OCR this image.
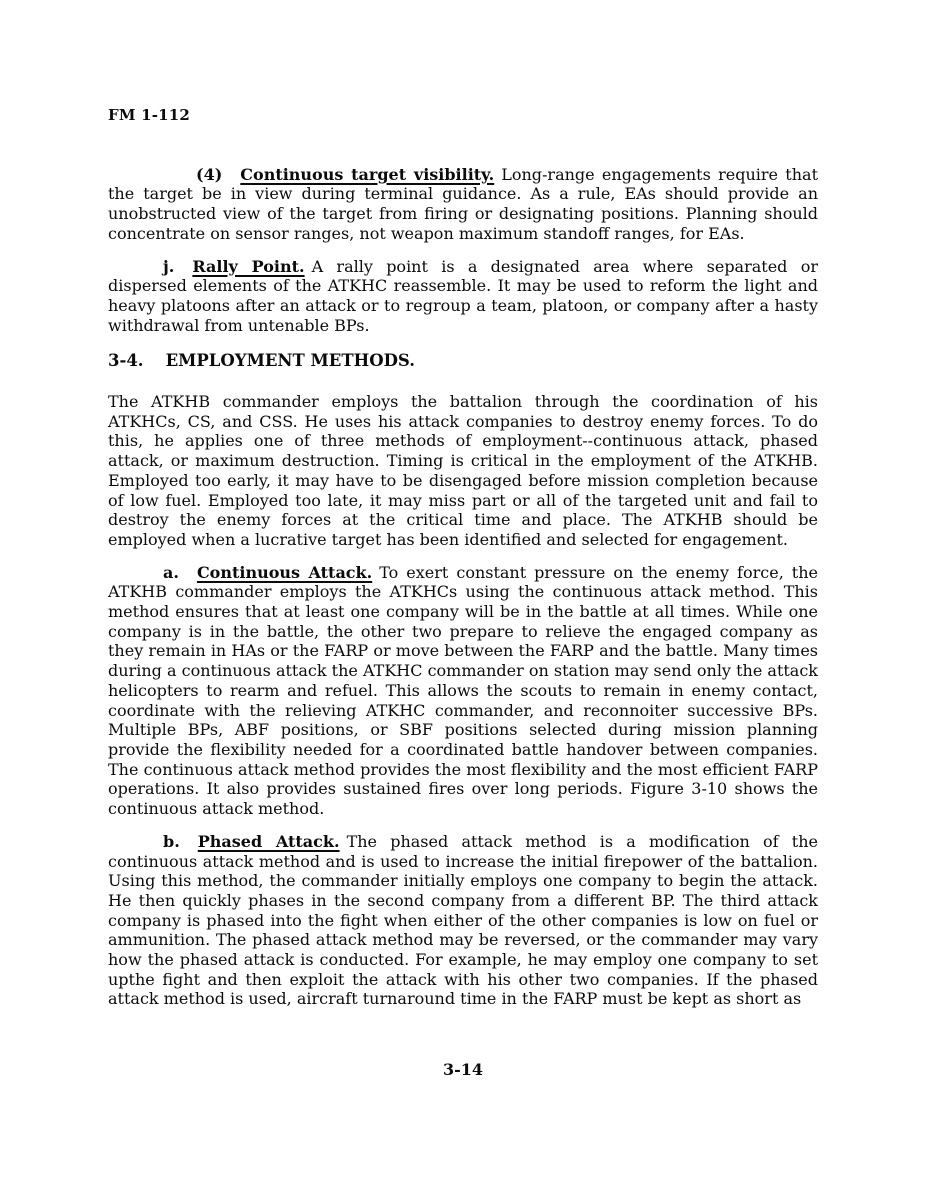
FM 1-112

(4) Continuous target visibility. Long-range engagements require that the target be in view during terminal guidance. As a rule, EAs should provide an unobstructed view of the target from firing or designating positions. Planning should concentrate on sensor ranges, not weapon maximum standoff ranges, for EAs.

j. Rally Point. A rally point is a designated area where separated or dispersed elements of the ATKHC reassemble. It may be used to reform the light and heavy platoons after an attack or to regroup a team, platoon, or company after a hasty withdrawal from untenable BPs.

3-4. EMPLOYMENT METHODS.

The ATKHB commander employs the battalion through the coordination of his ATKHCs, CS, and CSS. He uses his attack companies to destroy enemy forces. To do this, he applies one of three methods of employment--continuous attack, phased attack, or maximum destruction. Timing is critical in the employment of the ATKHB. Employed too early, it may have to be disengaged before mission completion because of low fuel. Employed too late, it may miss part or all of the targeted unit and fail to destroy the enemy forces at the critical time and place. The ATKHB should be employed when a lucrative target has been identified and selected for engagement.

a. Continuous Attack. To exert constant pressure on the enemy force, the ATKHB commander employs the ATKHCs using the continuous attack method. This method ensures that at least one company will be in the battle at all times. While one company is in the battle, the other two prepare to relieve the engaged company as they remain in HAs or the FARP or move between the FARP and the battle. Many times during a continuous attack the ATKHC commander on station may send only the attack helicopters to rearm and refuel. This allows the scouts to remain in enemy contact, coordinate with the relieving ATKHC commander, and reconnoiter successive BPs. Multiple BPs, ABF positions, or SBF positions selected during mission planning provide the flexibility needed for a coordinated battle handover between companies. The continuous attack method provides the most flexibility and the most efficient FARP operations. It also provides sustained fires over long periods. Figure 3-10 shows the continuous attack method.

b. Phased Attack. The phased attack method is a modification of the continuous attack method and is used to increase the initial firepower of the battalion. Using this method, the commander initially employs one company to begin the attack. He then quickly phases in the second company from a different BP. The third attack company is phased into the fight when either of the other companies is low on fuel or ammunition. The phased attack method may be reversed, or the commander may vary how the phased attack is conducted. For example, he may employ one company to set upthe fight and then exploit the attack with his other two companies. If the phased attack method is used, aircraft turnaround time in the FARP must be kept as short as

3-14
